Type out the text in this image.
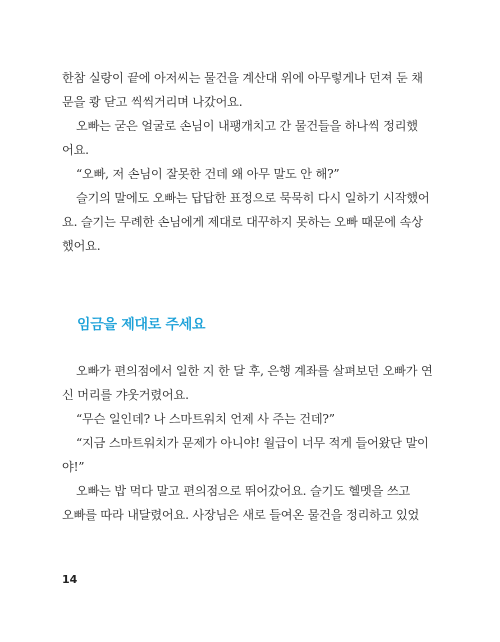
한참 실랑이 끝에 아저씨는 물건을 계산대 위에 아무렇게나 던져 둔 채
문을 쾅 닫고 씩씩거리며 나갔어요.
오빠는 굳은 얼굴로 손님이 내팽개치고 간 물건들을 하나씩 정리했
어요.
“오빠, 저 손님이 잘못한 건데 왜 아무 말도 안 해?”
슬기의 말에도 오빠는 답답한 표정으로 묵묵히 다시 일하기 시작했어
요. 슬기는 무례한 손님에게 제대로 대꾸하지 못하는 오빠 때문에 속상
했어요.
임금을 제대로 주세요
오빠가 편의점에서 일한 지 한 달 후, 은행 계좌를 살펴보던 오빠가 연
신 머리를 갸웃거렸어요.
“무슨 일인데? 나 스마트워치 언제 사 주는 건데?”
“지금 스마트워치가 문제가 아니야! 월급이 너무 적게 들어왔단 말이
야!”
오빠는 밥 먹다 말고 편의점으로 뛰어갔어요. 슬기도 헬멧을 쓰고
오빠를 따라 내달렸어요. 사장님은 새로 들여온 물건을 정리하고 있었
14
